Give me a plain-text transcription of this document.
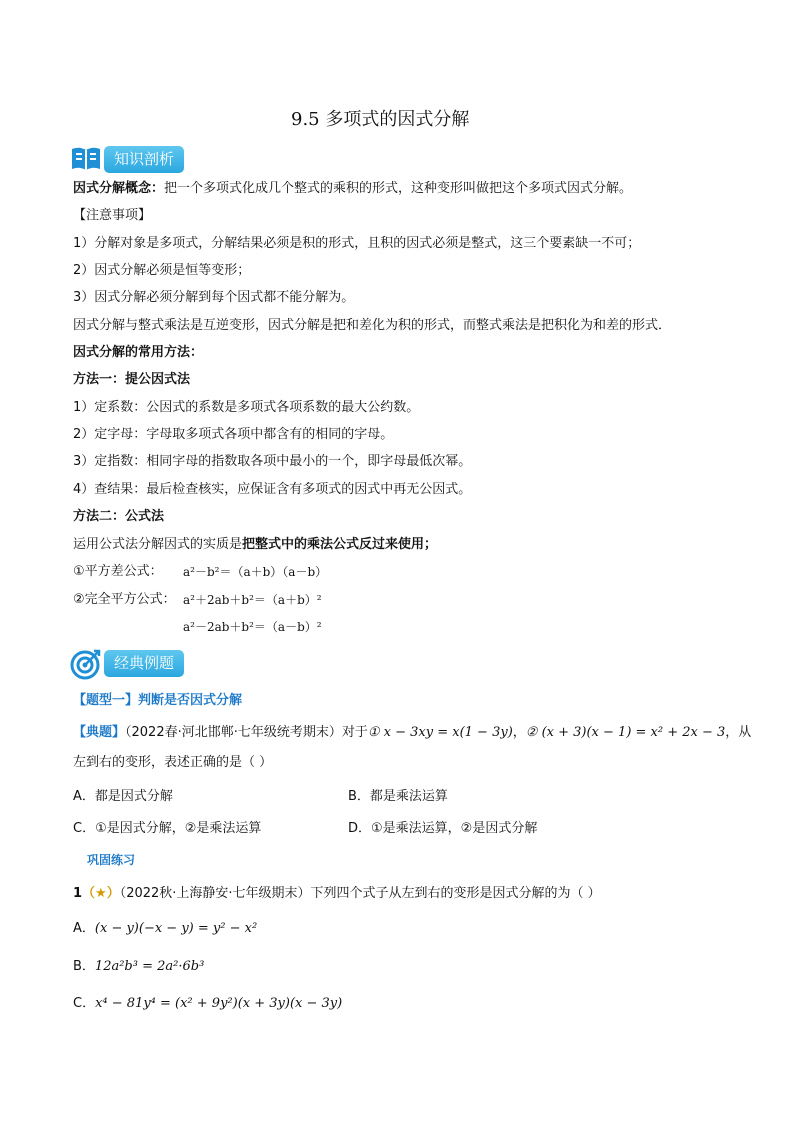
9.5 多项式的因式分解
知识剖析
因式分解概念：把一个多项式化成几个整式的乘积的形式，这种变形叫做把这个多项式因式分解。
【注意事项】
1）分解对象是多项式，分解结果必须是积的形式，且积的因式必须是整式，这三个要素缺一不可；
2）因式分解必须是恒等变形；
3）因式分解必须分解到每个因式都不能分解为。
因式分解与整式乘法是互逆变形，因式分解是把和差化为积的形式，而整式乘法是把积化为和差的形式．
因式分解的常用方法：
方法一：提公因式法
1）定系数：公因式的系数是多项式各项系数的最大公约数。
2）定字母：字母取多项式各项中都含有的相同的字母。
3）定指数：相同字母的指数取各项中最小的一个，即字母最低次幂。
4）查结果：最后检查核实，应保证含有多项式的因式中再无公因式。
方法二：公式法
运用公式法分解因式的实质是把整式中的乘法公式反过来使用；
①平方差公式： a²－b²＝（a＋b）（a－b）
②完全平方公式： a²＋2ab＋b²＝（a＋b）²
a²－2ab＋b²＝（a－b）²
经典例题
【题型一】判断是否因式分解
【典题】（2022春·河北邯郸·七年级统考期末）对于① x − 3xy = x(1 − 3y)，② (x + 3)(x − 1) = x² + 2x − 3，从
左到右的变形，表述正确的是（ ）
A．都是因式分解	B．都是乘法运算
C．①是因式分解，②是乘法运算	D．①是乘法运算，②是因式分解
巩固练习
1（★）（2022秋·上海静安·七年级期末）下列四个式子从左到右的变形是因式分解的为（ ）
A．(x − y)(−x − y) = y² − x²
B．12a²b³ = 2a²·6b³
C．x⁴ − 81y⁴ = (x² + 9y²)(x + 3y)(x − 3y)
